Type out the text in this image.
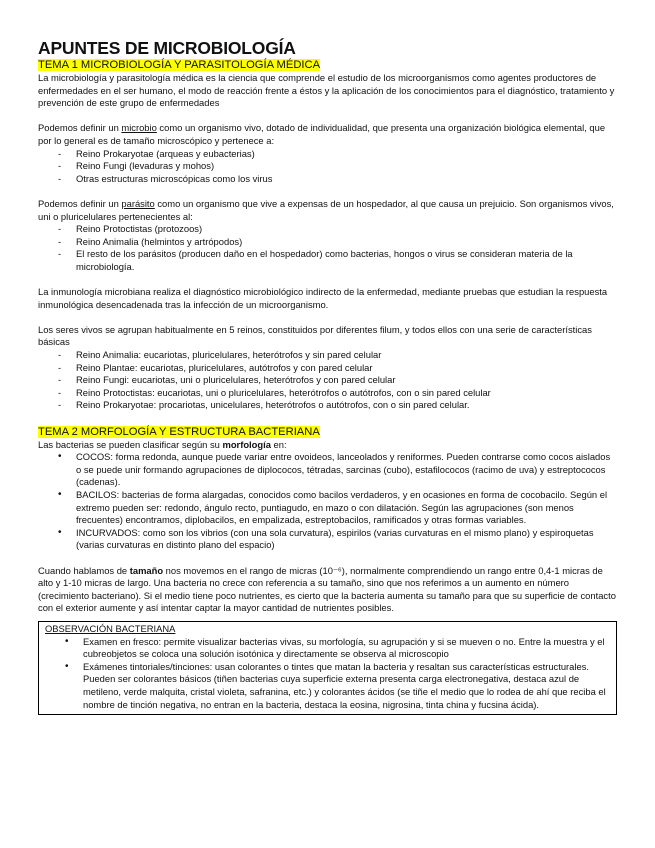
APUNTES DE MICROBIOLOGÍA
TEMA 1 MICROBIOLOGÍA Y PARASITOLOGÍA MÉDICA

La microbiología y parasitología médica es la ciencia que comprende el estudio de los microorganismos como agentes productores de enfermedades en el ser humano, el modo de reacción frente a éstos y la aplicación de los conocimientos para el diagnóstico, tratamiento y prevención de este grupo de enfermedades

Podemos definir un microbio como un organismo vivo, dotado de individualidad, que presenta una organización biológica elemental, que por lo general es de tamaño microscópico y pertenece a:

- Reino Prokaryotae (arqueas y eubacterias)
- Reino Fungi (levaduras y mohos)
- Otras estructuras microscópicas como los virus

Podemos definir un parásito como un organismo que vive a expensas de un hospedador, al que causa un prejuicio. Son organismos vivos, uni o pluricelulares pertenecientes al:

- Reino Protoctistas (protozoos)
- Reino Animalia (helmintos y artrópodos)
- El resto de los parásitos (producen daño en el hospedador) como bacterias, hongos o virus se consideran materia de la microbiología.

La inmunología microbiana realiza el diagnóstico microbiológico indirecto de la enfermedad, mediante pruebas que estudian la respuesta inmunológica desencadenada tras la infección de un microorganismo.

Los seres vivos se agrupan habitualmente en 5 reinos, constituidos por diferentes filum, y todos ellos con una serie de características básicas

- Reino Animalia: eucariotas, pluricelulares, heterótrofos y sin pared celular
- Reino Plantae: eucariotas, pluricelulares, autótrofos y con pared celular
- Reino Fungi: eucariotas, uni o pluricelulares, heterótrofos y con pared celular
- Reino Protoctistas: eucariotas, uni o pluricelulares, heterótrofos o autótrofos, con o sin pared celular
- Reino Prokaryotae: procariotas, unicelulares, heterótrofos o autótrofos, con o sin pared celular.
TEMA 2 MORFOLOGÍA Y ESTRUCTURA BACTERIANA

Las bacterias se pueden clasificar según su morfología en:

• COCOS: forma redonda, aunque puede variar entre ovoideos, lanceolados y reniformes. Pueden contrarse como cocos aislados o se puede unir formando agrupaciones de diplococos, tétradas, sarcinas (cubo), estafilococos (racimo de uva) y estreptococos (cadenas).
• BACILOS: bacterias de forma alargadas, conocidos como bacilos verdaderos, y en ocasiones en forma de cocobacilo. Según el extremo pueden ser: redondo, ángulo recto, puntiagudo, en mazo o con dilatación. Según las agrupaciones (son menos frecuentes) encontramos, diplobacilos, en empalizada, estreptobacilos, ramificados y otras formas variables.
• INCURVADOS: como son los vibrios (con una sola curvatura), espirilos (varias curvaturas en el mismo plano) y espiroquetas (varias curvaturas en distinto plano del espacio)

Cuando hablamos de tamaño nos movemos en el rango de micras (10⁻⁶), normalmente comprendiendo un rango entre 0,4-1 micras de alto y 1-10 micras de largo. Una bacteria no crece con referencia a su tamaño, sino que nos referimos a un aumento en número (crecimiento bacteriano). Si el medio tiene poco nutrientes, es cierto que la bacteria aumenta su tamaño para que su superficie de contacto con el exterior aumente y así intentar captar la mayor cantidad de nutrientes posibles.

OBSERVACIÓN BACTERIANA
• Examen en fresco: permite visualizar bacterias vivas, su morfología, su agrupación y si se mueven o no. Entre la muestra y el cubreobjetos se coloca una solución isotónica y directamente se observa al microscopio
• Exámenes tintoriales/tinciones: usan colorantes o tintes que matan la bacteria y resaltan sus características estructurales. Pueden ser colorantes básicos (tiñen bacterias cuya superficie externa presenta carga electronegativa, destaca azul de metileno, verde malquita, cristal violeta, safranina, etc.) y colorantes ácidos (se tiñe el medio que lo rodea de ahí que reciba el nombre de tinción negativa, no entran en la bacteria, destaca la eosina, nigrosina, tinta china y fucsina ácida).
